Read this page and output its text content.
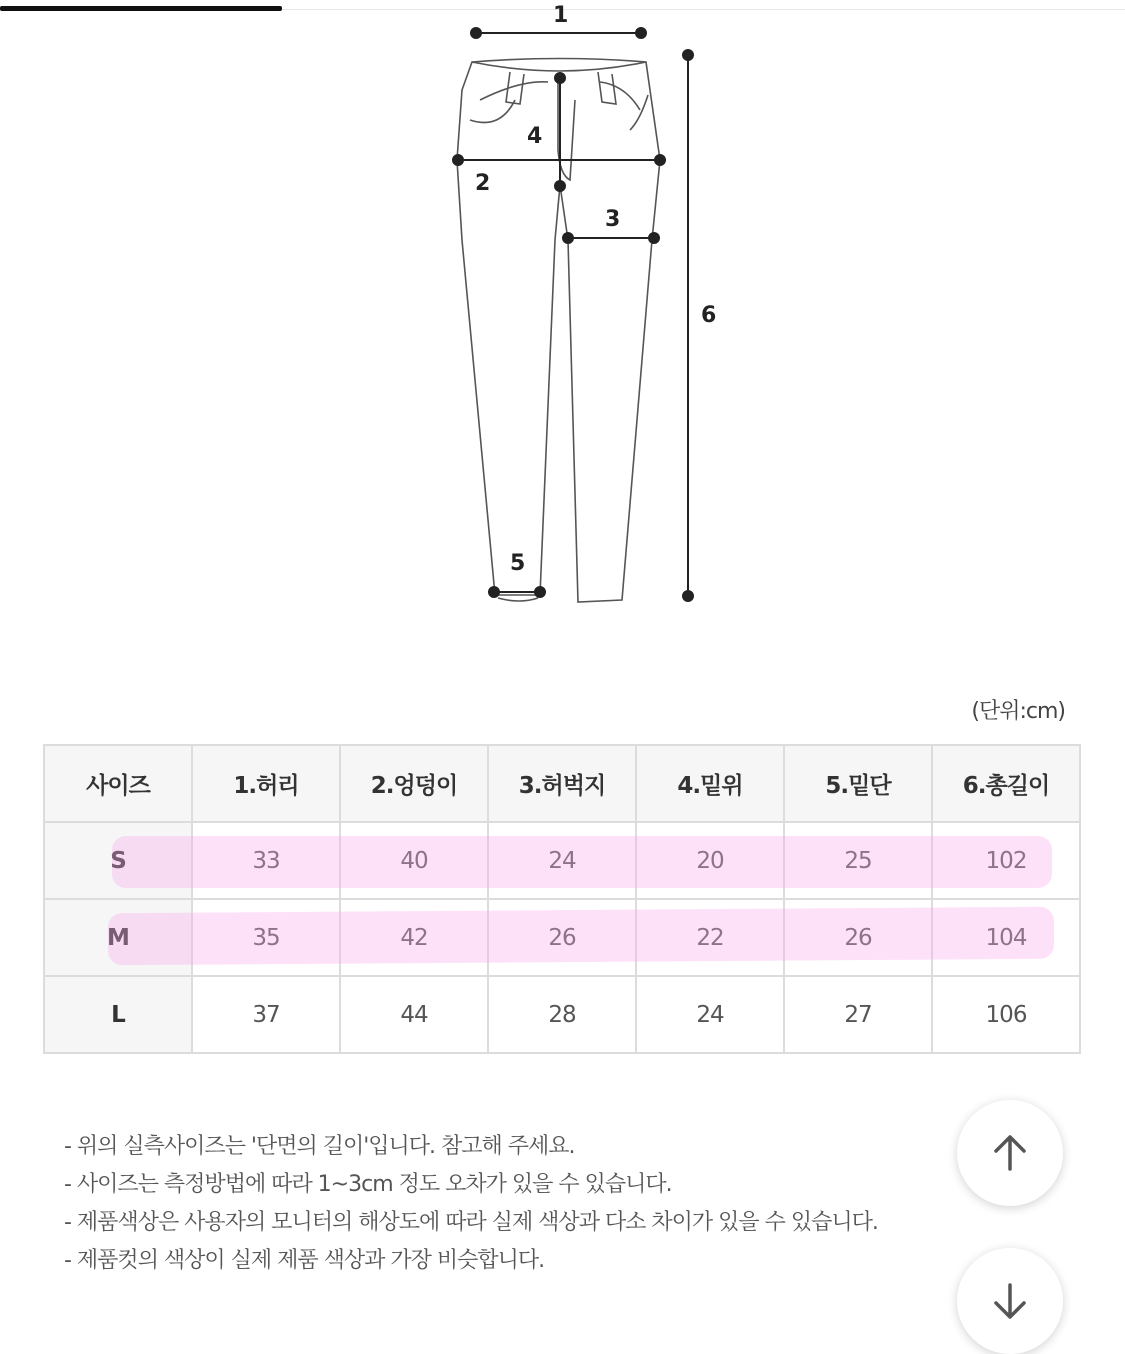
1
2
3
4
5
6
(단위:cm)
사이즈	1.허리	2.엉덩이	3.허벅지	4.밑위	5.밑단	6.총길이
S	33	40	24	20	25	102
M	35	42	26	22	26	104
L	37	44	28	24	27	106
- 위의 실측사이즈는 '단면의 길이'입니다. 참고해 주세요.
- 사이즈는 측정방법에 따라 1~3cm 정도 오차가 있을 수 있습니다.
- 제품색상은 사용자의 모니터의 해상도에 따라 실제 색상과 다소 차이가 있을 수 있습니다.
- 제품컷의 색상이 실제 제품 색상과 가장 비슷합니다.
